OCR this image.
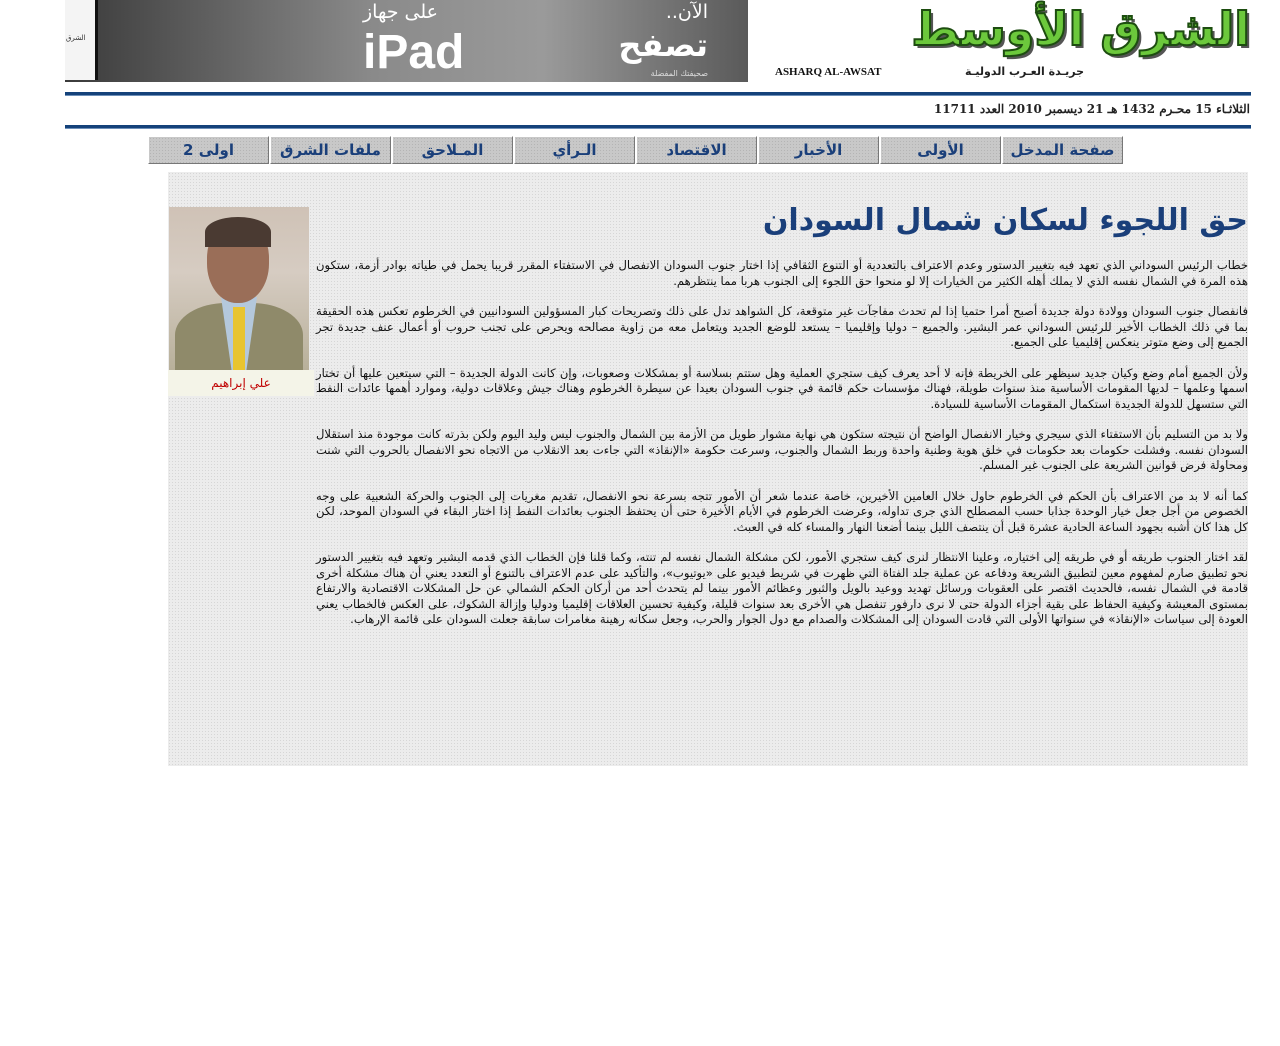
الشرق
على جهاز
iPad
الآن..
تصفح
صحيفتك المفضلة
الشرق الأوسط
ASHARQ AL-AWSAT	جريـدة العـرب الدوليـة
الثلاثـاء 15 محـرم 1432 هـ 21 ديسمبر 2010 العدد 11711
صفحة المدخل
الأولى
الأخبار
الاقتصاد
الـرأي
المـلاحق
ملفات الشرق
اولى 2
علي إبراهيم
حق اللجوء لسكان شمال السودان

خطاب الرئيس السوداني الذي تعهد فيه بتغيير الدستور وعدم الاعتراف بالتعددية أو التنوع الثقافي إذا اختار جنوب السودان الانفصال في الاستفتاء المقرر قريبا يحمل في طياته بوادر أزمة، ستكون هذه المرة في الشمال نفسه الذي لا يملك أهله الكثير من الخيارات إلا لو منحوا حق اللجوء إلى الجنوب هربا مما ينتظرهم.

فانفصال جنوب السودان وولادة دولة جديدة أصبح أمرا حتميا إذا لم تحدث مفاجآت غير متوقعة، كل الشواهد تدل على ذلك وتصريحات كبار المسؤولين السودانيين في الخرطوم تعكس هذه الحقيقة بما في ذلك الخطاب الأخير للرئيس السوداني عمر البشير. والجميع – دوليا وإقليميا – يستعد للوضع الجديد ويتعامل معه من زاوية مصالحه ويحرص على تجنب حروب أو أعمال عنف جديدة تجر الجميع إلى وضع متوتر ينعكس إقليميا على الجميع.

ولأن الجميع أمام وضع وكيان جديد سيظهر على الخريطة فإنه لا أحد يعرف كيف ستجري العملية وهل ستتم بسلاسة أو بمشكلات وصعوبات، وإن كانت الدولة الجديدة – التي سيتعين عليها أن تختار اسمها وعلمها – لديها المقومات الأساسية منذ سنوات طويلة، فهناك مؤسسات حكم قائمة في جنوب السودان بعيدا عن سيطرة الخرطوم وهناك جيش وعلاقات دولية، وموارد أهمها عائدات النفط التي ستسهل للدولة الجديدة استكمال المقومات الأساسية للسيادة.

ولا بد من التسليم بأن الاستفتاء الذي سيجري وخيار الانفصال الواضح أن نتيجته ستكون هي نهاية مشوار طويل من الأزمة بين الشمال والجنوب ليس وليد اليوم ولكن بذرته كانت موجودة منذ استقلال السودان نفسه. وفشلت حكومات بعد حكومات في خلق هوية وطنية واحدة وربط الشمال والجنوب، وسرعت حكومة «الإنقاذ» التي جاءت بعد الانقلاب من الاتجاه نحو الانفصال بالحروب التي شنت ومحاولة فرض قوانين الشريعة على الجنوب غير المسلم.

كما أنه لا بد من الاعتراف بأن الحكم في الخرطوم حاول خلال العامين الأخيرين، خاصة عندما شعر أن الأمور تتجه بسرعة نحو الانفصال، تقديم مغريات إلى الجنوب والحركة الشعبية على وجه الخصوص من أجل جعل خيار الوحدة جذابا حسب المصطلح الذي جرى تداوله، وعرضت الخرطوم في الأيام الأخيرة حتى أن يحتفظ الجنوب بعائدات النفط إذا اختار البقاء في السودان الموحد، لكن كل هذا كان أشبه بجهود الساعة الحادية عشرة قبل أن ينتصف الليل بينما أضعنا النهار والمساء كله في العبث.

لقد اختار الجنوب طريقه أو في طريقه إلى اختياره، وعلينا الانتظار لنرى كيف ستجري الأمور، لكن مشكلة الشمال نفسه لم تنته، وكما قلنا فإن الخطاب الذي قدمه البشير وتعهد فيه بتغيير الدستور نحو تطبيق صارم لمفهوم معين لتطبيق الشريعة ودفاعه عن عملية جلد الفتاة التي ظهرت في شريط فيديو على «يوتيوب»، والتأكيد على عدم الاعتراف بالتنوع أو التعدد يعني أن هناك مشكلة أخرى قادمة في الشمال نفسه، فالحديث اقتصر على العقوبات ورسائل تهديد ووعيد بالويل والثبور وعظائم الأمور بينما لم يتحدث أحد من أركان الحكم الشمالي عن حل المشكلات الاقتصادية والارتفاع بمستوى المعيشة وكيفية الحفاظ على بقية أجزاء الدولة حتى لا نرى دارفور تنفصل هي الأخرى بعد سنوات قليلة، وكيفية تحسين العلاقات إقليميا ودوليا وإزالة الشكوك، على العكس فالخطاب يعني العودة إلى سياسات «الإنقاذ» في سنواتها الأولى التي قادت السودان إلى المشكلات والصدام مع دول الجوار والحرب، وجعل سكانه رهينة مغامرات سابقة جعلت السودان على قائمة الإرهاب.
